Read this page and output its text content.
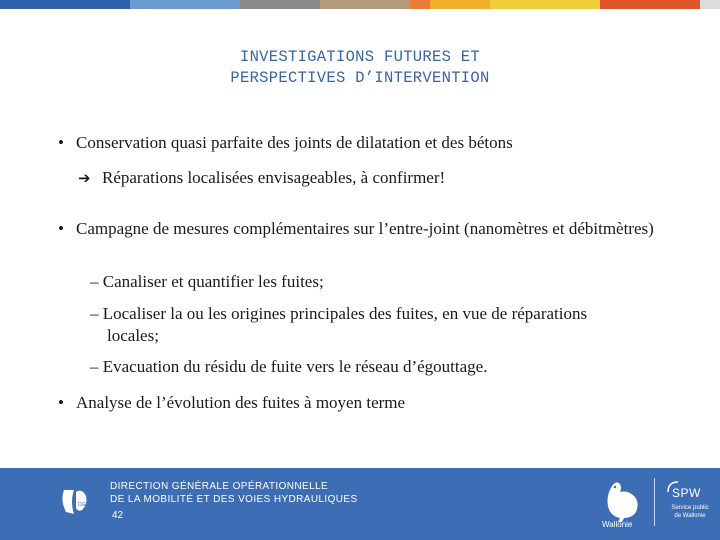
INVESTIGATIONS FUTURES ET
PERSPECTIVES D’INTERVENTION
• Conservation quasi parfaite des joints de dilatation et des bétons
➔ Réparations localisées envisageables, à confirmer!
• Campagne de mesures complémentaires sur l’entre-joint (nanomètres et débitmètres)
– Canaliser et quantifier les fuites;
– Localiser la ou les origines principales des fuites, en vue de réparations locales;
– Evacuation du résidu de fuite vers le réseau d’égouttage.
• Analyse de l’évolution des fuites à moyen terme
DGO2
DIRECTION GÉNÉRALE OPÉRATIONNELLE
DE LA MOBILITÉ ET DES VOIES HYDRAULIQUES
42
Wallonie
SPW
Service public de Wallonie
